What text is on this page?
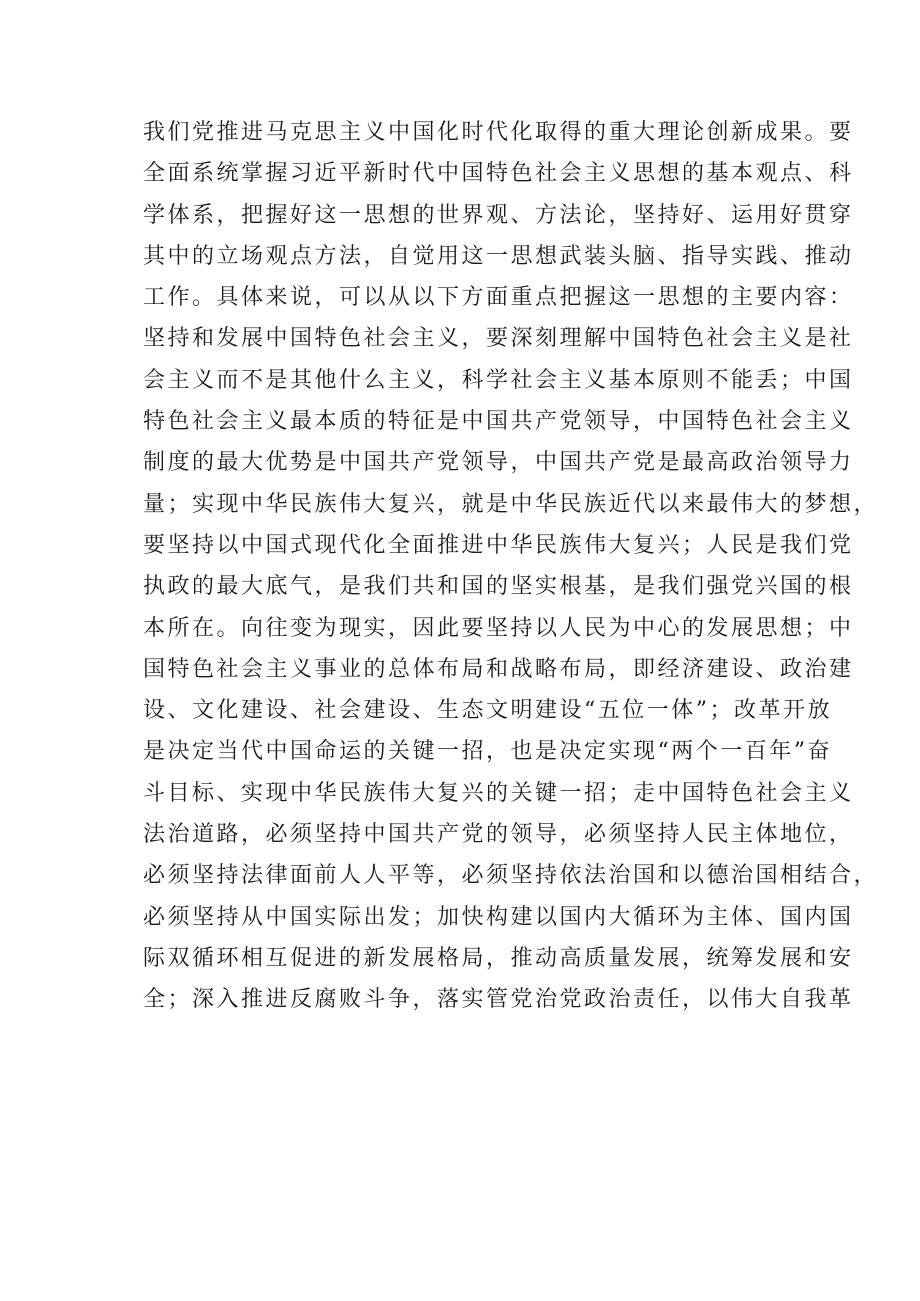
我们党推进马克思主义中国化时代化取得的重大理论创新成果。要
全面系统掌握习近平新时代中国特色社会主义思想的基本观点、科
学体系，把握好这一思想的世界观、方法论，坚持好、运用好贯穿
其中的立场观点方法，自觉用这一思想武装头脑、指导实践、推动
工作。具体来说，可以从以下方面重点把握这一思想的主要内容：
坚持和发展中国特色社会主义，要深刻理解中国特色社会主义是社
会主义而不是其他什么主义，科学社会主义基本原则不能丢；中国
特色社会主义最本质的特征是中国共产党领导，中国特色社会主义
制度的最大优势是中国共产党领导，中国共产党是最高政治领导力
量；实现中华民族伟大复兴，就是中华民族近代以来最伟大的梦想，
要坚持以中国式现代化全面推进中华民族伟大复兴；人民是我们党
执政的最大底气，是我们共和国的坚实根基，是我们强党兴国的根
本所在。向往变为现实，因此要坚持以人民为中心的发展思想；中
国特色社会主义事业的总体布局和战略布局，即经济建设、政治建
设、文化建设、社会建设、生态文明建设“五位一体”；改革开放
是决定当代中国命运的关键一招，也是决定实现“两个一百年”奋
斗目标、实现中华民族伟大复兴的关键一招；走中国特色社会主义
法治道路，必须坚持中国共产党的领导，必须坚持人民主体地位，
必须坚持法律面前人人平等，必须坚持依法治国和以德治国相结合，
必须坚持从中国实际出发；加快构建以国内大循环为主体、国内国
际双循环相互促进的新发展格局，推动高质量发展，统筹发展和安
全；深入推进反腐败斗争，落实管党治党政治责任，以伟大自我革
